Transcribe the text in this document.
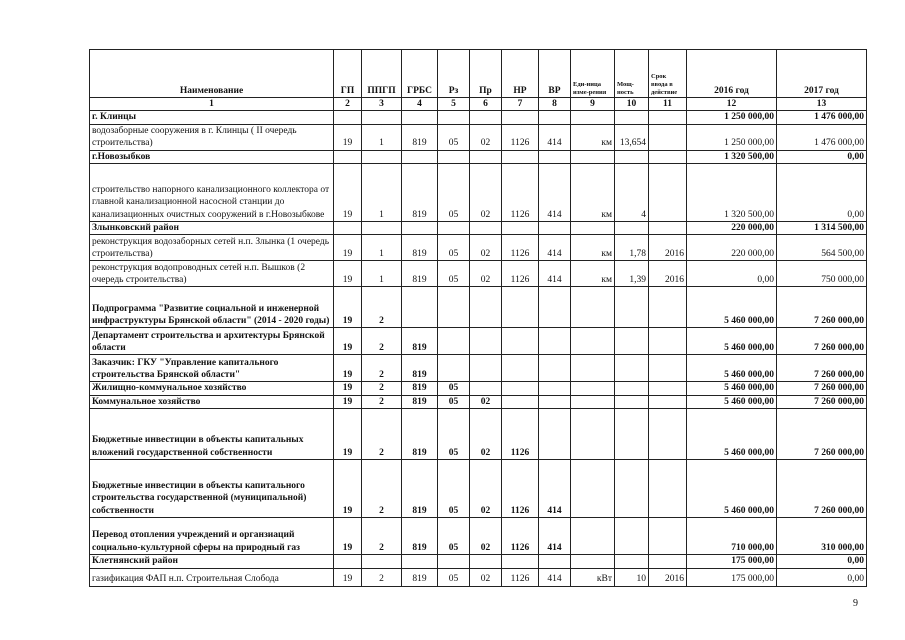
Наименование	ГП	ППГП	ГРБС	Рз	Пр	НР	ВР	Еди-ница изме-рения	Мощ-ность	Срок ввода в действие	2016 год	2017 год
1	2	3	4	5	6	7	8	9	10	11	12	13
г. Клинцы											1 250 000,00	1 476 000,00
водозаборные сооружения в г. Клинцы ( II очередь строительства)	19	1	819	05	02	1126	414	км	13,654		1 250 000,00	1 476 000,00
г.Новозыбков											1 320 500,00	0,00
строительство напорного канализационного коллектора от главной канализационной насосной станции до канализационных очистных сооружений в г.Новозыбкове	19	1	819	05	02	1126	414	км	4		1 320 500,00	0,00
Злынковский район											220 000,00	1 314 500,00
реконструкция водозаборных сетей н.п. Злынка (1 очередь строительства)	19	1	819	05	02	1126	414	км	1,78	2016	220 000,00	564 500,00
реконструкция водопроводных сетей н.п. Вышков (2 очередь строительства)	19	1	819	05	02	1126	414	км	1,39	2016	0,00	750 000,00
Подпрограмма "Развитие социальной и инженерной инфраструктуры Брянской области" (2014 - 2020 годы)	19	2									5 460 000,00	7 260 000,00
Департамент строительства и архитектуры Брянской области	19	2	819								5 460 000,00	7 260 000,00
Заказчик: ГКУ "Управление капитального строительства Брянской области"	19	2	819								5 460 000,00	7 260 000,00
Жилищно-коммунальное хозяйство	19	2	819	05							5 460 000,00	7 260 000,00
Коммунальное хозяйство	19	2	819	05	02						5 460 000,00	7 260 000,00
Бюджетные инвестиции в объекты капитальных вложений государственной собственности	19	2	819	05	02	1126					5 460 000,00	7 260 000,00
Бюджетные инвестиции в объекты капитального строительства государственной (муниципальной) собственности	19	2	819	05	02	1126	414				5 460 000,00	7 260 000,00
Перевод отопления учреждений и органзиаций социально-культурной сферы на природный газ	19	2	819	05	02	1126	414				710 000,00	310 000,00
Клетнянский район											175 000,00	0,00
газификация ФАП н.п. Строительная Слобода	19	2	819	05	02	1126	414	кВт	10	2016	175 000,00	0,00
9
